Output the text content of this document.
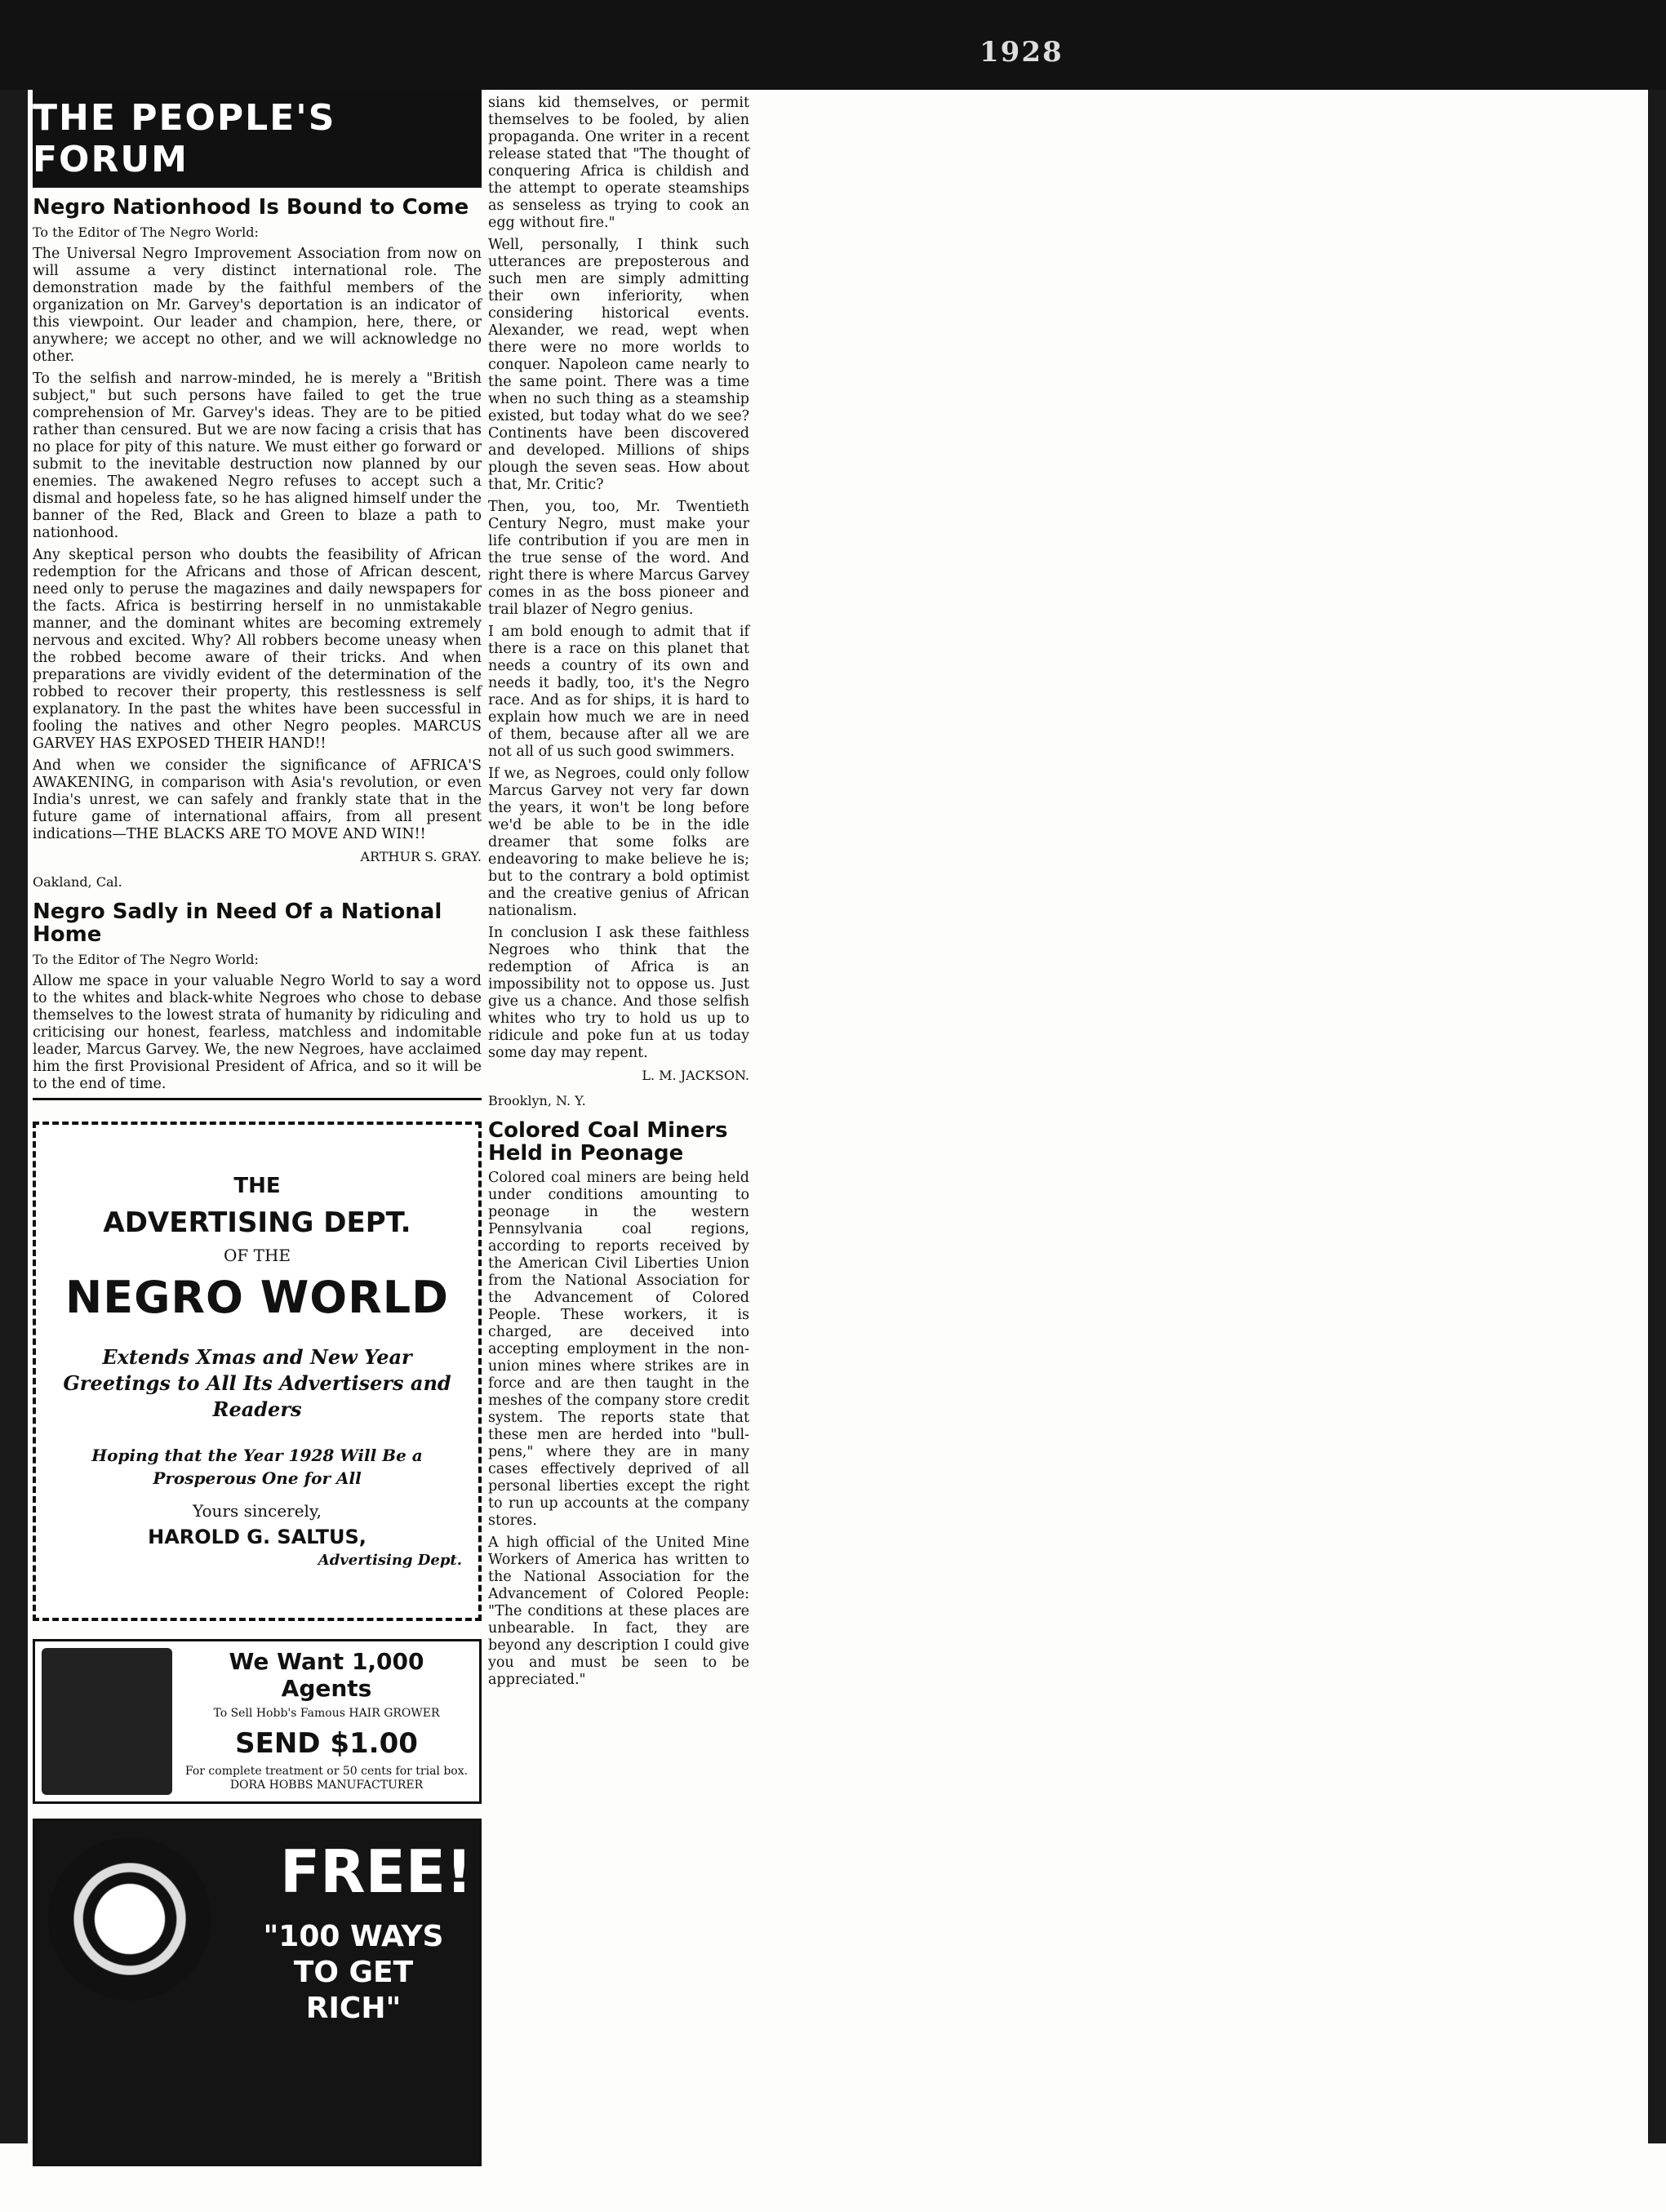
1928
THE PEOPLE'S FORUM
Negro Nationhood Is Bound to Come

To the Editor of The Negro World:

The Universal Negro Improvement Association from now on will assume a very distinct international role. The demonstration made by the faithful members of the organization on Mr. Garvey's deportation is an indicator of this viewpoint. Our leader and champion, here, there, or anywhere; we accept no other, and we will acknowledge no other.

To the selfish and narrow-minded, he is merely a "British subject," but such persons have failed to get the true comprehension of Mr. Garvey's ideas. They are to be pitied rather than censured. But we are now facing a crisis that has no place for pity of this nature. We must either go forward or submit to the inevitable destruction now planned by our enemies. The awakened Negro refuses to accept such a dismal and hopeless fate, so he has aligned himself under the banner of the Red, Black and Green to blaze a path to nationhood.

Any skeptical person who doubts the feasibility of African redemption for the Africans and those of African descent, need only to peruse the magazines and daily newspapers for the facts. Africa is bestirring herself in no unmistakable manner, and the dominant whites are becoming extremely nervous and excited. Why? All robbers become uneasy when the robbed become aware of their tricks. And when preparations are vividly evident of the determination of the robbed to recover their property, this restlessness is self explanatory. In the past the whites have been successful in fooling the natives and other Negro peoples. MARCUS GARVEY HAS EXPOSED THEIR HAND!!

And when we consider the significance of AFRICA'S AWAKENING, in comparison with Asia's revolution, or even India's unrest, we can safely and frankly state that in the future game of international affairs, from all present indications—THE BLACKS ARE TO MOVE AND WIN!!

ARTHUR S. GRAY.

Oakland, Cal.

Negro Sadly in Need Of a National Home

To the Editor of The Negro World:

Allow me space in your valuable Negro World to say a word to the whites and black-white Negroes who chose to debase themselves to the lowest strata of humanity by ridiculing and criticising our honest, fearless, matchless and indomitable leader, Marcus Garvey. We, the new Negroes, have acclaimed him the first Provisional President of Africa, and so it will be to the end of time.

THE
ADVERTISING DEPT.
OF THE
NEGRO WORLD
Extends Xmas and New Year Greetings to All Its Advertisers and Readers
Hoping that the Year 1928 Will Be a Prosperous One for All
Yours sincerely,
HAROLD G. SALTUS,
Advertising Dept.
We Want 1,000 Agents
To Sell Hobb's Famous HAIR GROWER
SEND $1.00
For complete treatment or 50 cents for trial box. DORA HOBBS MANUFACTURER
FREE!
"100 WAYS TO GET RICH"

sians kid themselves, or permit themselves to be fooled, by alien propaganda. One writer in a recent release stated that "The thought of conquering Africa is childish and the attempt to operate steamships as senseless as trying to cook an egg without fire."

Well, personally, I think such utterances are preposterous and such men are simply admitting their own inferiority, when considering historical events. Alexander, we read, wept when there were no more worlds to conquer. Napoleon came nearly to the same point. There was a time when no such thing as a steamship existed, but today what do we see? Continents have been discovered and developed. Millions of ships plough the seven seas. How about that, Mr. Critic?

Then, you, too, Mr. Twentieth Century Negro, must make your life contribution if you are men in the true sense of the word. And right there is where Marcus Garvey comes in as the boss pioneer and trail blazer of Negro genius.

I am bold enough to admit that if there is a race on this planet that needs a country of its own and needs it badly, too, it's the Negro race. And as for ships, it is hard to explain how much we are in need of them, because after all we are not all of us such good swimmers.

If we, as Negroes, could only follow Marcus Garvey not very far down the years, it won't be long before we'd be able to be in the idle dreamer that some folks are endeavoring to make believe he is; but to the contrary a bold optimist and the creative genius of African nationalism.

In conclusion I ask these faithless Negroes who think that the redemption of Africa is an impossibility not to oppose us. Just give us a chance. And those selfish whites who try to hold us up to ridicule and poke fun at us today some day may repent.

L. M. JACKSON.

Brooklyn, N. Y.

Colored Coal Miners Held in Peonage

Colored coal miners are being held under conditions amounting to peonage in the western Pennsylvania coal regions, according to reports received by the American Civil Liberties Union from the National Association for the Advancement of Colored People. These workers, it is charged, are deceived into accepting employment in the non-union mines where strikes are in force and are then taught in the meshes of the company store credit system. The reports state that these men are herded into "bull-pens," where they are in many cases effectively deprived of all personal liberties except the right to run up accounts at the company stores.

A high official of the United Mine Workers of America has written to the National Association for the Advancement of Colored People: "The conditions at these places are unbearable. In fact, they are beyond any description I could give you and must be seen to be appreciated."
